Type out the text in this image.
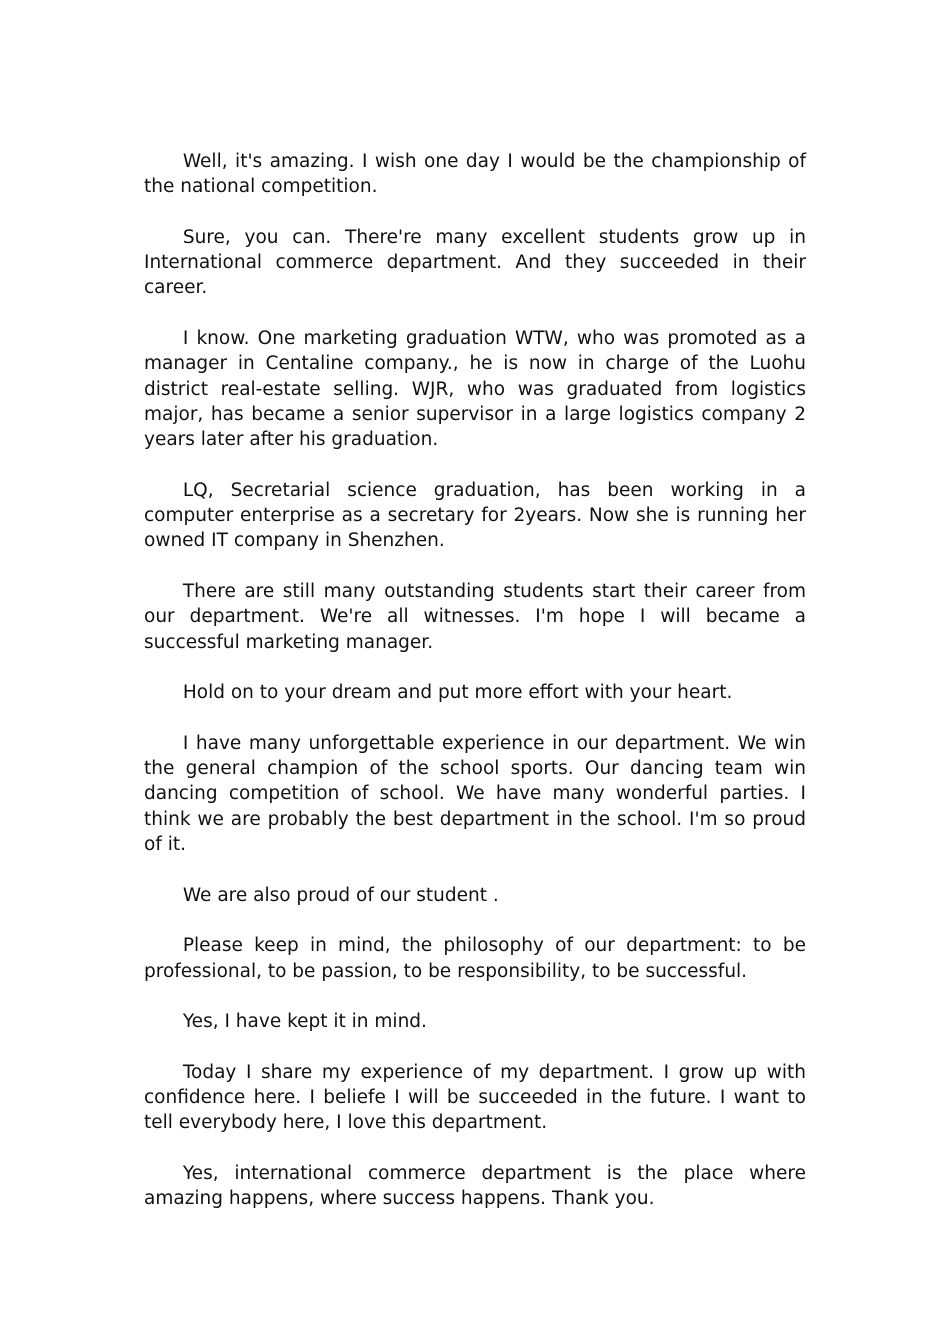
Well, it's amazing. I wish one day I would be the championship of the national competition.

Sure, you can. There're many excellent students grow up in International commerce department. And they succeeded in their career.

I know. One marketing graduation WTW, who was promoted as a manager in Centaline company., he is now in charge of the Luohu district real-estate selling. WJR, who was graduated from logistics major, has became a senior supervisor in a large logistics company 2 years later after his graduation.

LQ, Secretarial science graduation, has been working in a computer enterprise as a secretary for 2years. Now she is running her owned IT company in Shenzhen.

There are still many outstanding students start their career from our department. We're all witnesses. I'm hope I will became a successful marketing manager.

Hold on to your dream and put more effort with your heart.

I have many unforgettable experience in our department. We win the general champion of the school sports. Our dancing team win dancing competition of school. We have many wonderful parties. I think we are probably the best department in the school. I'm so proud of it.

We are also proud of our student .

Please keep in mind, the philosophy of our department: to be professional, to be passion, to be responsibility, to be successful.

Yes, I have kept it in mind.

Today I share my experience of my department. I grow up with confidence here. I beliefe I will be succeeded in the future. I want to tell everybody here, I love this department.

Yes, international commerce department is the place where amazing happens, where success happens. Thank you.
